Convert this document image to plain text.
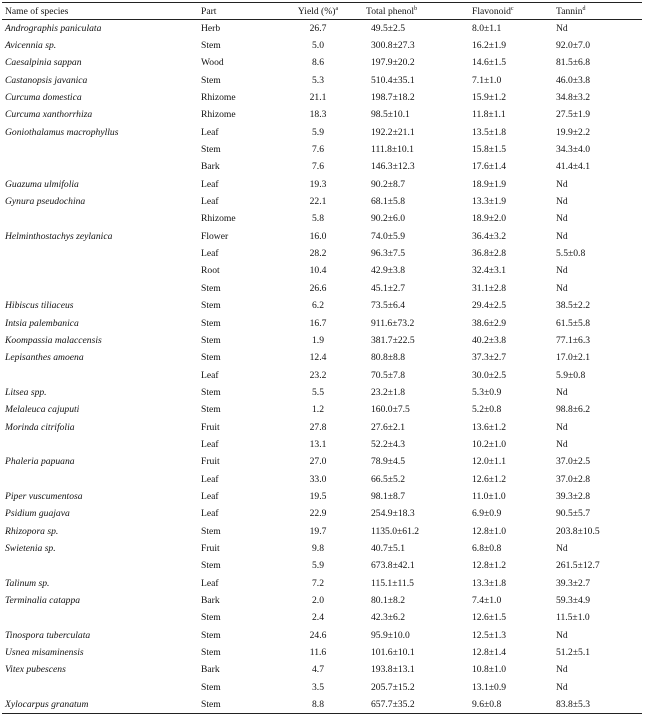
Name of species	Part	Yield (%)$^a$	Total phenol$^b$	Flavonoid$^c$	Tannin$^d$
Andrographis paniculata	Herb	26.7	49.5±2.5	8.0±1.1	Nd
Avicennia sp.	Stem	5.0	300.8±27.3	16.2±1.9	92.0±7.0
Caesalpinia sappan	Wood	8.6	197.9±20.2	14.6±1.5	81.5±6.8
Castanopsis javanica	Stem	5.3	510.4±35.1	7.1±1.0	46.0±3.8
Curcuma domestica	Rhizome	21.1	198.7±18.2	15.9±1.2	34.8±3.2
Curcuma xanthorrhiza	Rhizome	18.3	98.5±10.1	11.8±1.1	27.5±1.9
Goniothalamus macrophyllus	Leaf	5.9	192.2±21.1	13.5±1.8	19.9±2.2
	Stem	7.6	111.8±10.1	15.8±1.5	34.3±4.0
	Bark	7.6	146.3±12.3	17.6±1.4	41.4±4.1
Guazuma ulmifolia	Leaf	19.3	90.2±8.7	18.9±1.9	Nd
Gynura pseudochina	Leaf	22.1	68.1±5.8	13.3±1.9	Nd
	Rhizome	5.8	90.2±6.0	18.9±2.0	Nd
Helminthostachys zeylanica	Flower	16.0	74.0±5.9	36.4±3.2	Nd
	Leaf	28.2	96.3±7.5	36.8±2.8	5.5±0.8
	Root	10.4	42.9±3.8	32.4±3.1	Nd
	Stem	26.6	45.1±2.7	31.1±2.8	Nd
Hibiscus tiliaceus	Stem	6.2	73.5±6.4	29.4±2.5	38.5±2.2
Intsia palembanica	Stem	16.7	911.6±73.2	38.6±2.9	61.5±5.8
Koompassia malaccensis	Stem	1.9	381.7±22.5	40.2±3.8	77.1±6.3
Lepisanthes amoena	Stem	12.4	80.8±8.8	37.3±2.7	17.0±2.1
	Leaf	23.2	70.5±7.8	30.0±2.5	5.9±0.8
Litsea spp.	Stem	5.5	23.2±1.8	5.3±0.9	Nd
Melaleuca cajuputi	Stem	1.2	160.0±7.5	5.2±0.8	98.8±6.2
Morinda citrifolia	Fruit	27.8	27.6±2.1	13.6±1.2	Nd
	Leaf	13.1	52.2±4.3	10.2±1.0	Nd
Phaleria papuana	Fruit	27.0	78.9±4.5	12.0±1.1	37.0±2.5
	Leaf	33.0	66.5±5.2	12.6±1.2	37.0±2.8
Piper vuscumentosa	Leaf	19.5	98.1±8.7	11.0±1.0	39.3±2.8
Psidium guajava	Leaf	22.9	254.9±18.3	6.9±0.9	90.5±5.7
Rhizopora sp.	Stem	19.7	1135.0±61.2	12.8±1.0	203.8±10.5
Swietenia sp.	Fruit	9.8	40.7±5.1	6.8±0.8	Nd
	Stem	5.9	673.8±42.1	12.8±1.2	261.5±12.7
Talinum sp.	Leaf	7.2	115.1±11.5	13.3±1.8	39.3±2.7
Terminalia catappa	Bark	2.0	80.1±8.2	7.4±1.0	59.3±4.9
	Stem	2.4	42.3±6.2	12.6±1.5	11.5±1.0
Tinospora tuberculata	Stem	24.6	95.9±10.0	12.5±1.3	Nd
Usnea misaminensis	Stem	11.6	101.6±10.1	12.8±1.4	51.2±5.1
Vitex pubescens	Bark	4.7	193.8±13.1	10.8±1.0	Nd
	Stem	3.5	205.7±15.2	13.1±0.9	Nd
Xylocarpus granatum	Stem	8.8	657.7±35.2	9.6±0.8	83.8±5.3
